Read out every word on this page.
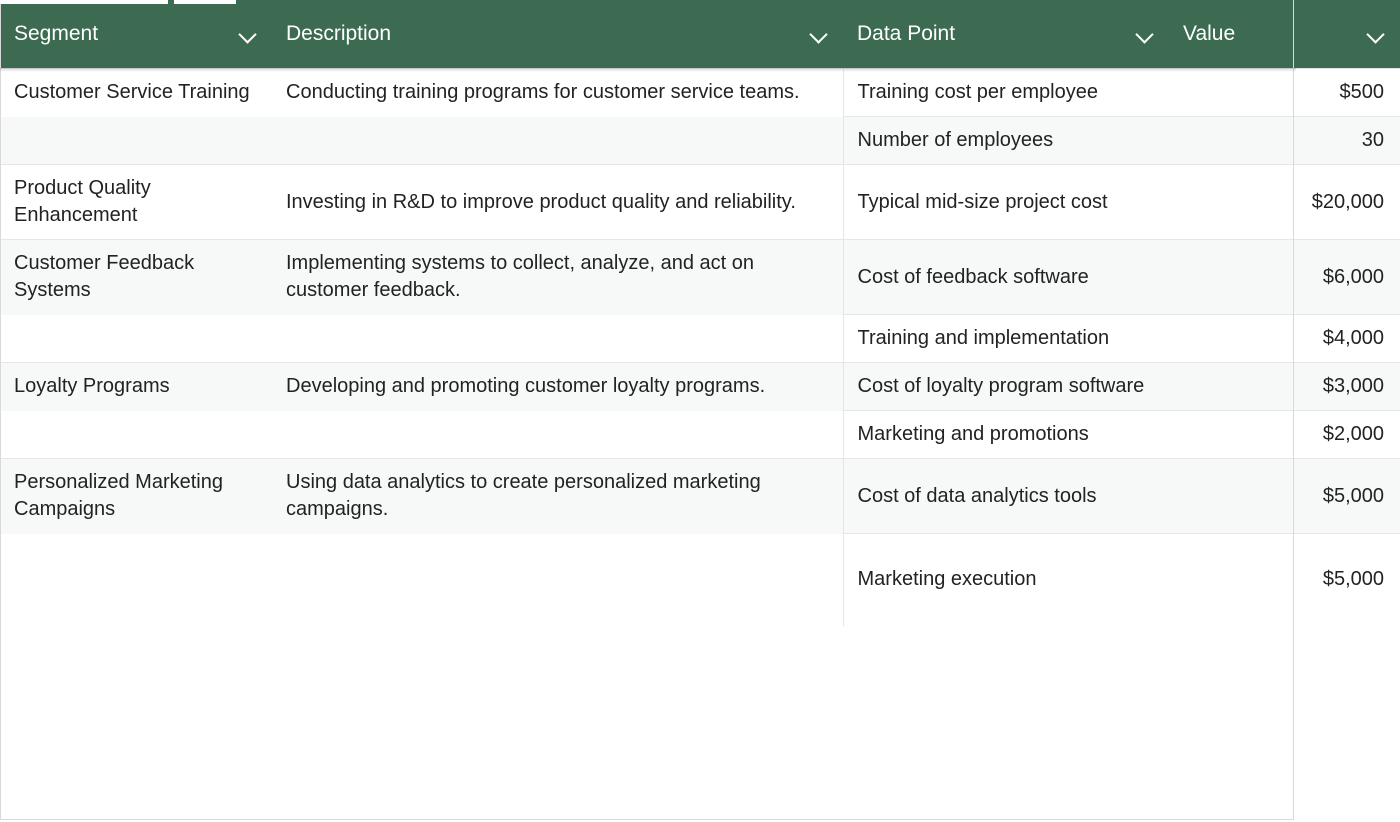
Segment	Description	Data Point	Value

Customer Service Training	Conducting training programs for customer service teams.	Training cost per employee	$500
		Number of employees	30
Product Quality Enhancement	Investing in R&D to improve product quality and reliability.	Typical mid-size project cost	$20,000
Customer Feedback Systems	Implementing systems to collect, analyze, and act on customer feedback.	Cost of feedback software	$6,000
		Training and implementation	$4,000
Loyalty Programs	Developing and promoting customer loyalty programs.	Cost of loyalty program software	$3,000
		Marketing and promotions	$2,000
Personalized Marketing Campaigns	Using data analytics to create personalized marketing campaigns.	Cost of data analytics tools	$5,000
		Marketing execution	$5,000
